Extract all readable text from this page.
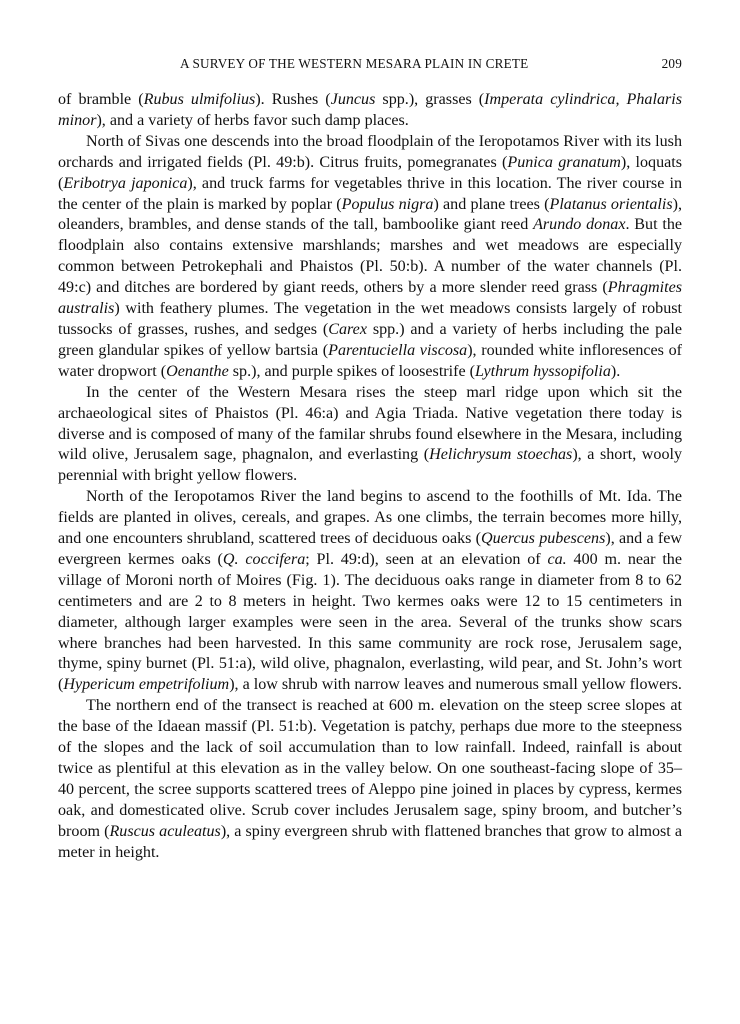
A SURVEY OF THE WESTERN MESARA PLAIN IN CRETE	209

of bramble (Rubus ulmifolius). Rushes (Juncus spp.), grasses (Imperata cylindrica, Phalaris minor), and a variety of herbs favor such damp places.

North of Sivas one descends into the broad floodplain of the Ieropotamos River with its lush orchards and irrigated fields (Pl. 49:b). Citrus fruits, pomegranates (Punica granatum), loquats (Eribotrya japonica), and truck farms for vegetables thrive in this location. The river course in the center of the plain is marked by poplar (Populus nigra) and plane trees (Platanus orientalis), oleanders, brambles, and dense stands of the tall, bamboolike giant reed Arundo donax. But the floodplain also contains extensive marshlands; marshes and wet meadows are especially common between Petrokephali and Phaistos (Pl. 50:b). A number of the water channels (Pl. 49:c) and ditches are bordered by giant reeds, others by a more slender reed grass (Phragmites australis) with feathery plumes. The vegetation in the wet meadows consists largely of robust tussocks of grasses, rushes, and sedges (Carex spp.) and a variety of herbs including the pale green glandular spikes of yellow bartsia (Parentuciella viscosa), rounded white infloresences of water dropwort (Oenanthe sp.), and purple spikes of loosestrife (Lythrum hyssopifolia).

In the center of the Western Mesara rises the steep marl ridge upon which sit the archaeological sites of Phaistos (Pl. 46:a) and Agia Triada. Native vegetation there today is diverse and is composed of many of the familar shrubs found elsewhere in the Mesara, including wild olive, Jerusalem sage, phagnalon, and everlasting (Helichrysum stoechas), a short, wooly perennial with bright yellow flowers.

North of the Ieropotamos River the land begins to ascend to the foothills of Mt. Ida. The fields are planted in olives, cereals, and grapes. As one climbs, the terrain becomes more hilly, and one encounters shrubland, scattered trees of deciduous oaks (Quercus pubescens), and a few evergreen kermes oaks (Q. coccifera; Pl. 49:d), seen at an elevation of ca. 400 m. near the village of Moroni north of Moires (Fig. 1). The deciduous oaks range in diameter from 8 to 62 centimeters and are 2 to 8 meters in height. Two kermes oaks were 12 to 15 centimeters in diameter, although larger examples were seen in the area. Several of the trunks show scars where branches had been harvested. In this same community are rock rose, Jerusalem sage, thyme, spiny burnet (Pl. 51:a), wild olive, phagnalon, everlasting, wild pear, and St. John’s wort (Hypericum empetrifolium), a low shrub with narrow leaves and numerous small yellow flowers.

The northern end of the transect is reached at 600 m. elevation on the steep scree slopes at the base of the Idaean massif (Pl. 51:b). Vegetation is patchy, perhaps due more to the steepness of the slopes and the lack of soil accumulation than to low rainfall. Indeed, rainfall is about twice as plentiful at this elevation as in the valley below. On one southeast-facing slope of 35–40 percent, the scree supports scattered trees of Aleppo pine joined in places by cypress, kermes oak, and domesticated olive. Scrub cover includes Jerusalem sage, spiny broom, and butcher’s broom (Ruscus aculeatus), a spiny evergreen shrub with flattened branches that grow to almost a meter in height.
